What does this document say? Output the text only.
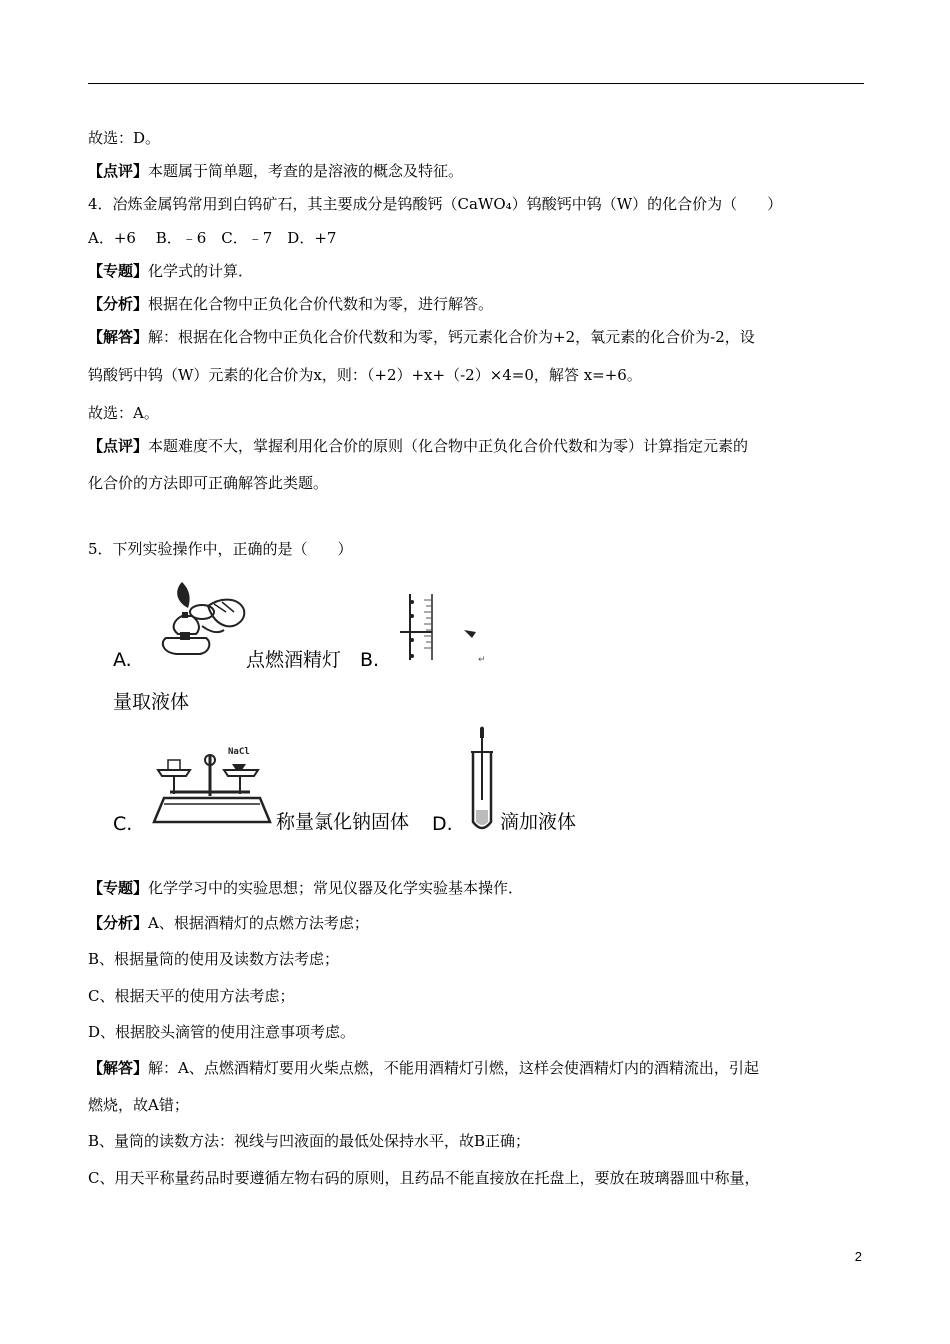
故选：D。
【点评】本题属于简单题，考查的是溶液的概念及特征。
4．冶炼金属钨常用到白钨矿石，其主要成分是钨酸钙（CaWO₄）钨酸钙中钨（W）的化合价为（　　）
A．+6　 B．﹣6　C．﹣7　D．+7
【专题】化学式的计算．
【分析】根据在化合物中正负化合价代数和为零，进行解答。
【解答】解：根据在化合物中正负化合价代数和为零，钙元素化合价为+2，氧元素的化合价为-2，设
钨酸钙中钨（W）元素的化合价为x，则：（+2）+x+（-2）×4=0，解答 x=+6。
故选：A。
【点评】本题难度不大，掌握利用化合价的原则（化合物中正负化合价代数和为零）计算指定元素的
化合价的方法即可正确解答此类题。
5．下列实验操作中，正确的是（　　）
A.	点燃酒精灯 B.	↵
量取液体
NaCl
C.	称量氯化钠固体 D. 滴加液体
【专题】化学学习中的实验思想；常见仪器及化学实验基本操作．
【分析】A、根据酒精灯的点燃方法考虑；
B、根据量筒的使用及读数方法考虑；
C、根据天平的使用方法考虑；
D、根据胶头滴管的使用注意事项考虑。
【解答】解：A、点燃酒精灯要用火柴点燃，不能用酒精灯引燃，这样会使酒精灯内的酒精流出，引起
燃烧，故A错；
B、量筒的读数方法：视线与凹液面的最低处保持水平，故B正确；
C、用天平称量药品时要遵循左物右码的原则，且药品不能直接放在托盘上，要放在玻璃器皿中称量，
2
